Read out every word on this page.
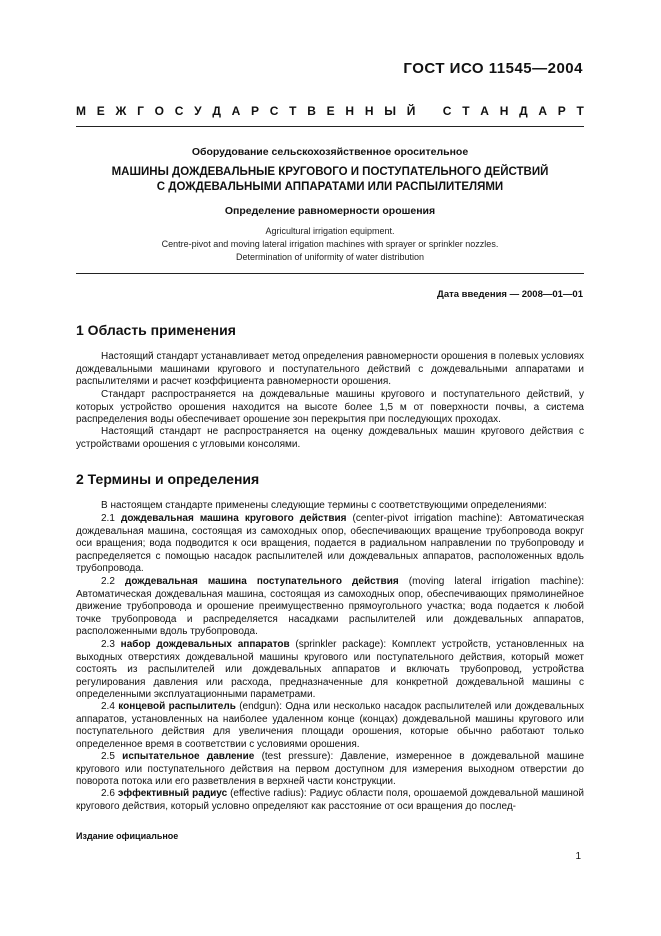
ГОСТ ИСО 11545—2004
М Е Ж Г О С У Д А Р С Т В Е Н Н Ы Й С Т А Н Д А Р Т
Оборудование сельскохозяйственное оросительное
МАШИНЫ ДОЖДЕВАЛЬНЫЕ КРУГОВОГО И ПОСТУПАТЕЛЬНОГО ДЕЙСТВИЙ
С ДОЖДЕВАЛЬНЫМИ АППАРАТАМИ ИЛИ РАСПЫЛИТЕЛЯМИ
Определение равномерности орошения
Agricultural irrigation equipment.
Centre-pivot and moving lateral irrigation machines with sprayer or sprinkler nozzles.
Determination of uniformity of water distribution
Дата введения — 2008—01—01
1 Область применения

Настоящий стандарт устанавливает метод определения равномерности орошения в полевых условиях дождевальными машинами кругового и поступательного действий с дождевальными аппаратами и распылителями и расчет коэффициента равномерности орошения.

Стандарт распространяется на дождевальные машины кругового и поступательного действий, у которых устройство орошения находится на высоте более 1,5 м от поверхности почвы, а система распределения воды обеспечивает орошение зон перекрытия при последующих проходах.

Настоящий стандарт не распространяется на оценку дождевальных машин кругового действия с устройствами орошения с угловыми консолями.

2 Термины и определения

В настоящем стандарте применены следующие термины с соответствующими определениями:

2.1 дождевальная машина кругового действия (center-pivot irrigation machine): Автоматическая дождевальная машина, состоящая из самоходных опор, обеспечивающих вращение трубопровода вокруг оси вращения; вода подводится к оси вращения, подается в радиальном направлении по трубопроводу и распределяется с помощью насадок распылителей или дождевальных аппаратов, расположенных вдоль трубопровода.

2.2 дождевальная машина поступательного действия (moving lateral irrigation machine): Автоматическая дождевальная машина, состоящая из самоходных опор, обеспечивающих прямолинейное движение трубопровода и орошение преимущественно прямоугольного участка; вода подается к любой точке трубопровода и распределяется насадками распылителей или дождевальных аппаратов, расположенными вдоль трубопровода.

2.3 набор дождевальных аппаратов (sprinkler package): Комплект устройств, установленных на выходных отверстиях дождевальной машины кругового или поступательного действия, который может состоять из распылителей или дождевальных аппаратов и включать трубопровод, устройства регулирования давления или расхода, предназначенные для конкретной дождевальной машины с определенными эксплуатационными параметрами.

2.4 концевой распылитель (endgun): Одна или несколько насадок распылителей или дождевальных аппаратов, установленных на наиболее удаленном конце (концах) дождевальной машины кругового или поступательного действия для увеличения площади орошения, которые обычно работают только определенное время в соответствии с условиями орошения.

2.5 испытательное давление (test pressure): Давление, измеренное в дождевальной машине кругового или поступательного действия на первом доступном для измерения выходном отверстии до поворота потока или его разветвления в верхней части конструкции.

2.6 эффективный радиус (effective radius): Радиус области поля, орошаемой дождевальной машиной кругового действия, который условно определяют как расстояние от оси вращения до послед-

Издание официальное
1
